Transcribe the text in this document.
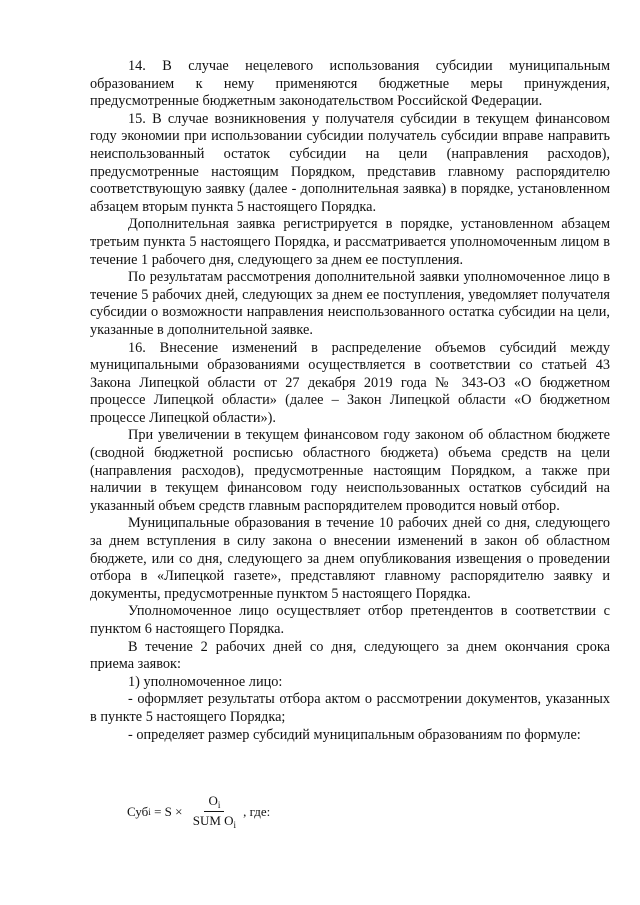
14. В случае нецелевого использования субсидии муниципальным образованием к нему применяются бюджетные меры принуждения, предусмотренные бюджетным законодательством Российской Федерации.

15. В случае возникновения у получателя субсидии в текущем финансовом году экономии при использовании субсидии получатель субсидии вправе направить неиспользованный остаток субсидии на цели (направления расходов), предусмотренные настоящим Порядком, представив главному распорядителю соответствующую заявку (далее - дополнительная заявка) в порядке, установленном абзацем вторым пункта 5 настоящего Порядка.

Дополнительная заявка регистрируется в порядке, установленном абзацем третьим пункта 5 настоящего Порядка, и рассматривается уполномоченным лицом в течение 1 рабочего дня, следующего за днем ее поступления.

По результатам рассмотрения дополнительной заявки уполномоченное лицо в течение 5 рабочих дней, следующих за днем ее поступления, уведомляет получателя субсидии о возможности направления неиспользованного остатка субсидии на цели, указанные в дополнительной заявке.

16. Внесение изменений в распределение объемов субсидий между муниципальными образованиями осуществляется в соответствии со статьей 43 Закона Липецкой области от 27 декабря 2019 года № 343-ОЗ «О бюджетном процессе Липецкой области» (далее – Закон Липецкой области «О бюджетном процессе Липецкой области»).

При увеличении в текущем финансовом году законом об областном бюджете (сводной бюджетной росписью областного бюджета) объема средств на цели (направления расходов), предусмотренные настоящим Порядком, а также при наличии в текущем финансовом году неиспользованных остатков субсидий на указанный объем средств главным распорядителем проводится новый отбор.

Муниципальные образования в течение 10 рабочих дней со дня, следующего за днем вступления в силу закона о внесении изменений в закон об областном бюджете, или со дня, следующего за днем опубликования извещения о проведении отбора в «Липецкой газете», представляют главному распорядителю заявку и документы, предусмотренные пунктом 5 настоящего Порядка.

Уполномоченное лицо осуществляет отбор претендентов в соответствии с пунктом 6 настоящего Порядка.

В течение 2 рабочих дней со дня, следующего за днем окончания срока приема заявок:

1) уполномоченное лицо:

- оформляет результаты отбора актом о рассмотрении документов, указанных в пункте 5 настоящего Порядка;

- определяет размер субсидий муниципальным образованиям по формуле:

Суб $i = S \times \frac{O_i}{SUM O_i}$ , где:
